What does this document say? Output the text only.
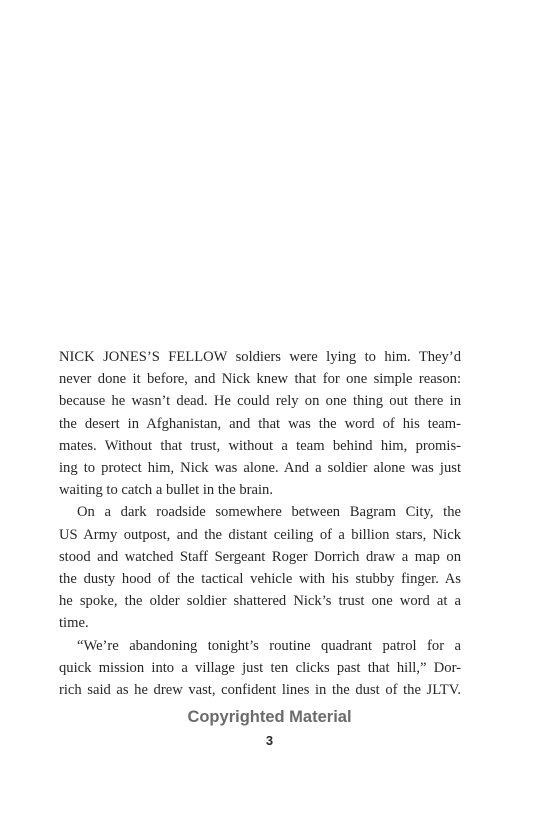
NICK JONES’S FELLOW soldiers were lying to him. They’d
never done it before, and Nick knew that for one simple reason:
because he wasn’t dead. He could rely on one thing out there in
the desert in Afghanistan, and that was the word of his team-
mates. Without that trust, without a team behind him, promis-
ing to protect him, Nick was alone. And a soldier alone was just
waiting to catch a bullet in the brain.
On a dark roadside somewhere between Bagram City, the
US Army outpost, and the distant ceiling of a billion stars, Nick
stood and watched Staff Sergeant Roger Dorrich draw a map on
the dusty hood of the tactical vehicle with his stubby finger. As
he spoke, the older soldier shattered Nick’s trust one word at a
time.
“We’re abandoning tonight’s routine quadrant patrol for a
quick mission into a village just ten clicks past that hill,” Dor-
rich said as he drew vast, confident lines in the dust of the JLTV.
Copyrighted Material
3
